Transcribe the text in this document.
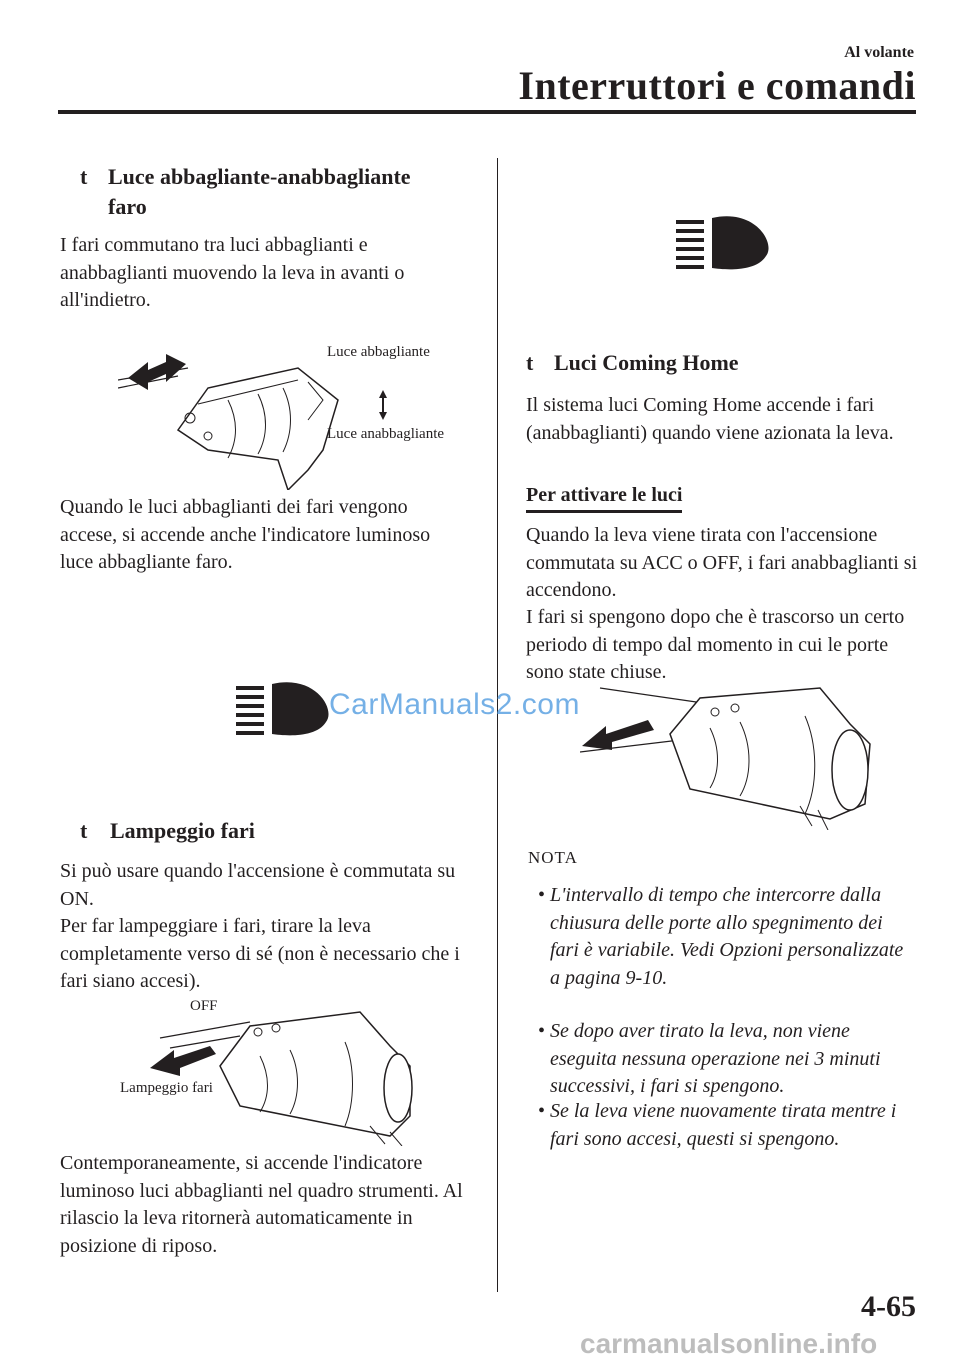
Al volante
Interruttori e comandi
t Luce abbagliante-anabbagliante faro
I fari commutano tra luci abbaglianti e anabbaglianti muovendo la leva in avanti o all'indietro.
Luce abbagliante
Luce anabbagliante
Quando le luci abbaglianti dei fari vengono accese, si accende anche l'indicatore luminoso luce abbagliante faro.
t	Lampeggio fari
Si può usare quando l'accensione è commutata su ON.
Per far lampeggiare i fari, tirare la leva completamente verso di sé (non è necessario che i fari siano accesi).
OFF
Lampeggio fari
Contemporaneamente, si accende l'indicatore luminoso luci abbaglianti nel quadro strumenti. Al rilascio la leva ritornerà automaticamente in posizione di riposo.
t Luci Coming Home
Il sistema luci Coming Home accende i fari (anabbaglianti) quando viene azionata la leva.
Per attivare le luci
Quando la leva viene tirata con l'accensione commutata su ACC o OFF, i fari anabbaglianti si accendono.
I fari si spengono dopo che è trascorso un certo periodo di tempo dal momento in cui le porte sono state chiuse.
NOTA
• L'intervallo di tempo che intercorre dalla chiusura delle porte allo spegnimento dei fari è variabile. Vedi Opzioni personalizzate a pagina 9-10.
• Se dopo aver tirato la leva, non viene eseguita nessuna operazione nei 3 minuti successivi, i fari si spengono.
• Se la leva viene nuovamente tirata mentre i fari sono accesi, questi si spengono.
4-65
CarManuals2.com
carmanualsonline.info
